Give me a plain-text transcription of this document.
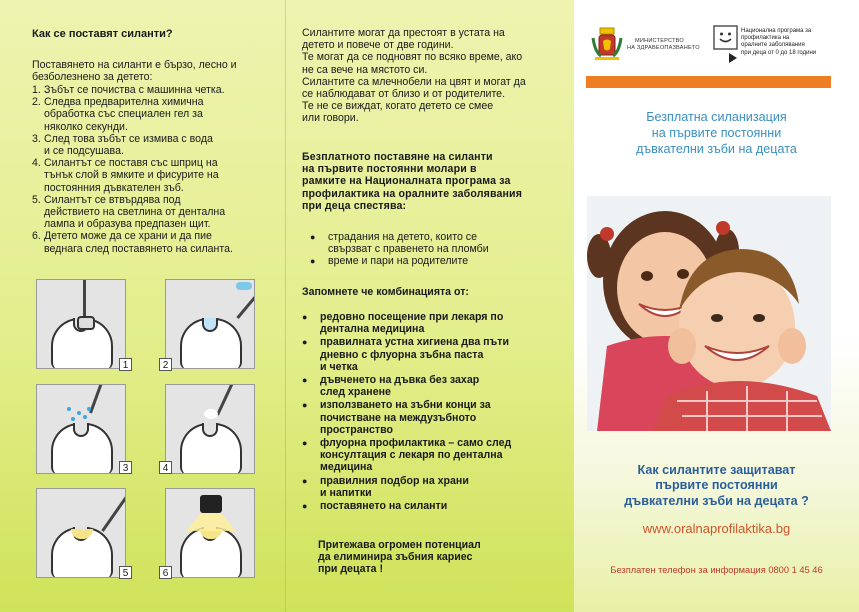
Как се поставят силанти?
Поставянето на силанти е бързо, лесно и
безболезнено за детето:
1. Зъбът се почиства с машинна четка.
2. Следва предварителна химична
обработка със специален гел за
няколко секунди.
3. След това зъбът се измива с вода
и се подсушава.
4. Силантът се поставя със шприц на
тънък слой в ямките и фисурите на
постоянния дъвкателен зъб.
5. Силантът се втвърдява под
действието на светлина от дентална
лампа и образува предпазен щит.
6. Детето може да се храни и да пие
веднага след поставянето на силанта.
1	2
3	4
5	6
Силантите могат да престоят в устата на
детето и повече от две години.
Те могат да се подновят по всяко време, ако
не са вече на мястото си.
Силантите са млечнобели на цвят и могат да
се наблюдават от близо и от родителите.
Те не се виждат, когато детето се смее
или говори.
Безплатното поставяне на силанти
на първите постоянни молари в
рамките на Националната програма за
профилактика на оралните заболявания
при деца спестява:
●	страдания на детето, които се
свързват с правенето на пломби
●	време и пари на родителите
Запомнете че комбинацията от:
●	редовно посещение при лекаря по
дентална медицина
●	правилната устна хигиена два пъти
дневно с флуорна зъбна паста
и четка
●	дъвченето на дъвка без захар
след хранене
●	използването на зъбни конци за
почистване на междузъбното
пространство
●	флуорна профилактика – само след
консултация с лекаря по дентална
медицина
●	правилния подбор на храни
и напитки
●	поставянето на силанти
Притежава огромен потенциал
да елиминира зъбния кариес
при децата !
МИНИСТЕРСТВО
НА ЗДРАВЕОПАЗВАНЕТО
Национална програма за
профилактика на
оралните заболявания
при деца от 0 до 18 години
Безплатна силанизация
на първите постоянни
дъвкателни зъби на децата
Как силантите защитават
първите постоянни
дъвкателни зъби на децата ?
www.oralnaprofilaktika.bg
Безплатен телефон за информация 0800 1 45 46
